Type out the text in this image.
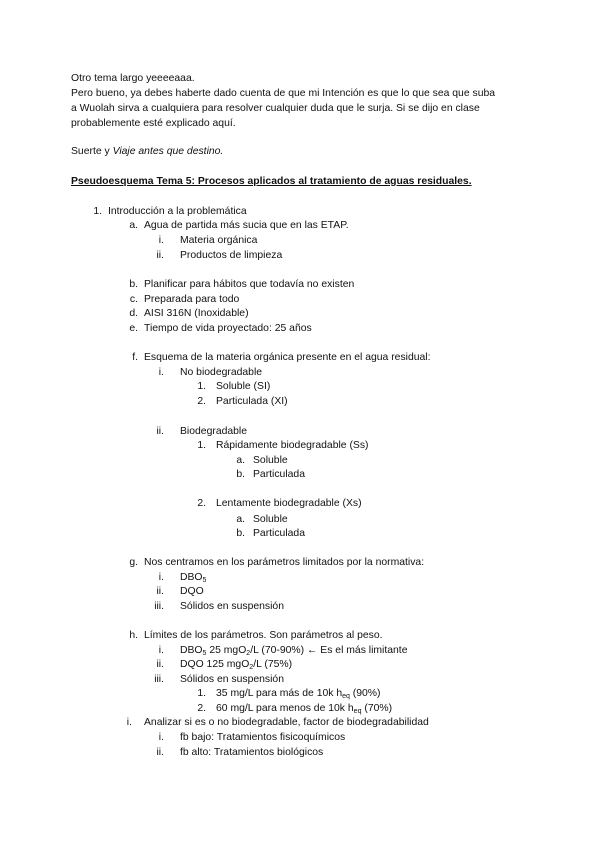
Otro tema largo yeeeeaaa.
Pero bueno, ya debes haberte dado cuenta de que mi Intención es que lo que sea que suba
a Wuolah sirva a cualquiera para resolver cualquier duda que le surja. Si se dijo en clase
probablemente esté explicado aquí.
Suerte y Viaje antes que destino.
Pseudoesquema Tema 5: Procesos aplicados al tratamiento de aguas residuales.
1. Introducción a la problemática
a. Agua de partida más sucia que en las ETAP.
i. Materia orgánica
ii. Productos de limpieza
b. Planificar para hábitos que todavía no existen
c. Preparada para todo
d. AISI 316N (Inoxidable)
e. Tiempo de vida proyectado: 25 años
f. Esquema de la materia orgánica presente en el agua residual:
i. No biodegradable
1. Soluble (SI)
2. Particulada (XI)
ii. Biodegradable
1. Rápidamente biodegradable (Ss)
a. Soluble
b. Particulada
2. Lentamente biodegradable (Xs)
a. Soluble
b. Particulada
g. Nos centramos en los parámetros limitados por la normativa:
i. $DBO_5$
ii. DQO
iii. Sólidos en suspensión
h. Límites de los parámetros. Son parámetros al peso.
i. $DBO_5$ 25 mgO$_2$/L (70-90%) ← Es el más limitante
ii. DQO 125 mgO$_2$/L (75%)
iii. Sólidos en suspensión
1. 35 mg/L para más de 10k $h_{eq}$ (90%)
2. 60 mg/L para menos de 10k $h_{eq}$ (70%)
i. Analizar si es o no biodegradable, factor de biodegradabilidad
i. fb bajo: Tratamientos fisicoquímicos
ii. fb alto: Tratamientos biológicos
